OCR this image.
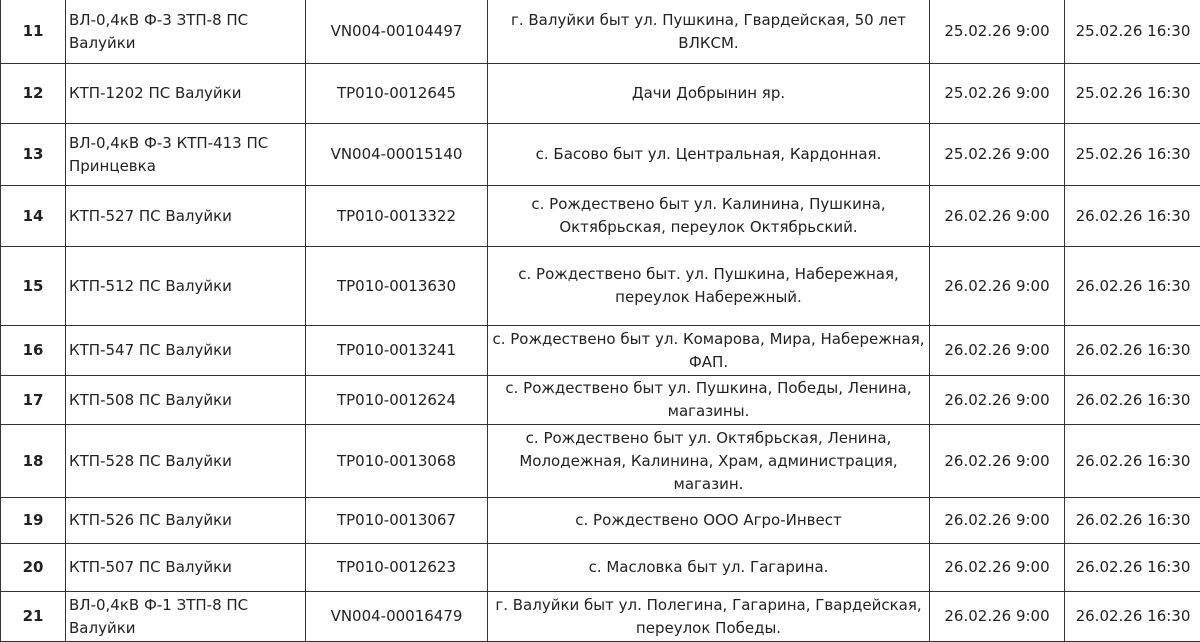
11	ВЛ-0,4кВ Ф-3 ЗТП-8 ПС Валуйки	VN004-00104497	г. Валуйки быт ул. Пушкина, Гвардейская, 50 лет ВЛКСМ.	25.02.26 9:00	25.02.26 16:30
12	КТП-1202 ПС Валуйки	ТР010-0012645	Дачи Добрынин яр.	25.02.26 9:00	25.02.26 16:30
13	ВЛ-0,4кВ Ф-3 КТП-413 ПС Принцевка	VN004-00015140	с. Басово быт ул. Центральная, Кардонная.	25.02.26 9:00	25.02.26 16:30
14	КТП-527 ПС Валуйки	ТР010-0013322	с. Рождествено быт ул. Калинина, Пушкина, Октябрьская, переулок Октябрьский.	26.02.26 9:00	26.02.26 16:30
15	КТП-512 ПС Валуйки	ТР010-0013630	с. Рождествено быт. ул. Пушкина, Набережная, переулок Набережный.	26.02.26 9:00	26.02.26 16:30
16	КТП-547 ПС Валуйки	ТР010-0013241	с. Рождествено быт ул. Комарова, Мира, Набережная, ФАП.	26.02.26 9:00	26.02.26 16:30
17	КТП-508 ПС Валуйки	ТР010-0012624	с. Рождествено быт ул. Пушкина, Победы, Ленина, магазины.	26.02.26 9:00	26.02.26 16:30
18	КТП-528 ПС Валуйки	ТР010-0013068	с. Рождествено быт ул. Октябрьская, Ленина, Молодежная, Калинина, Храм, администрация, магазин.	26.02.26 9:00	26.02.26 16:30
19	КТП-526 ПС Валуйки	ТР010-0013067	с. Рождествено ООО Агро-Инвест	26.02.26 9:00	26.02.26 16:30
20	КТП-507 ПС Валуйки	ТР010-0012623	с. Масловка быт ул. Гагарина.	26.02.26 9:00	26.02.26 16:30
21	ВЛ-0,4кВ Ф-1 ЗТП-8 ПС Валуйки	VN004-00016479	г. Валуйки быт ул. Полегина, Гагарина, Гвардейская, переулок Победы.	26.02.26 9:00	26.02.26 16:30
